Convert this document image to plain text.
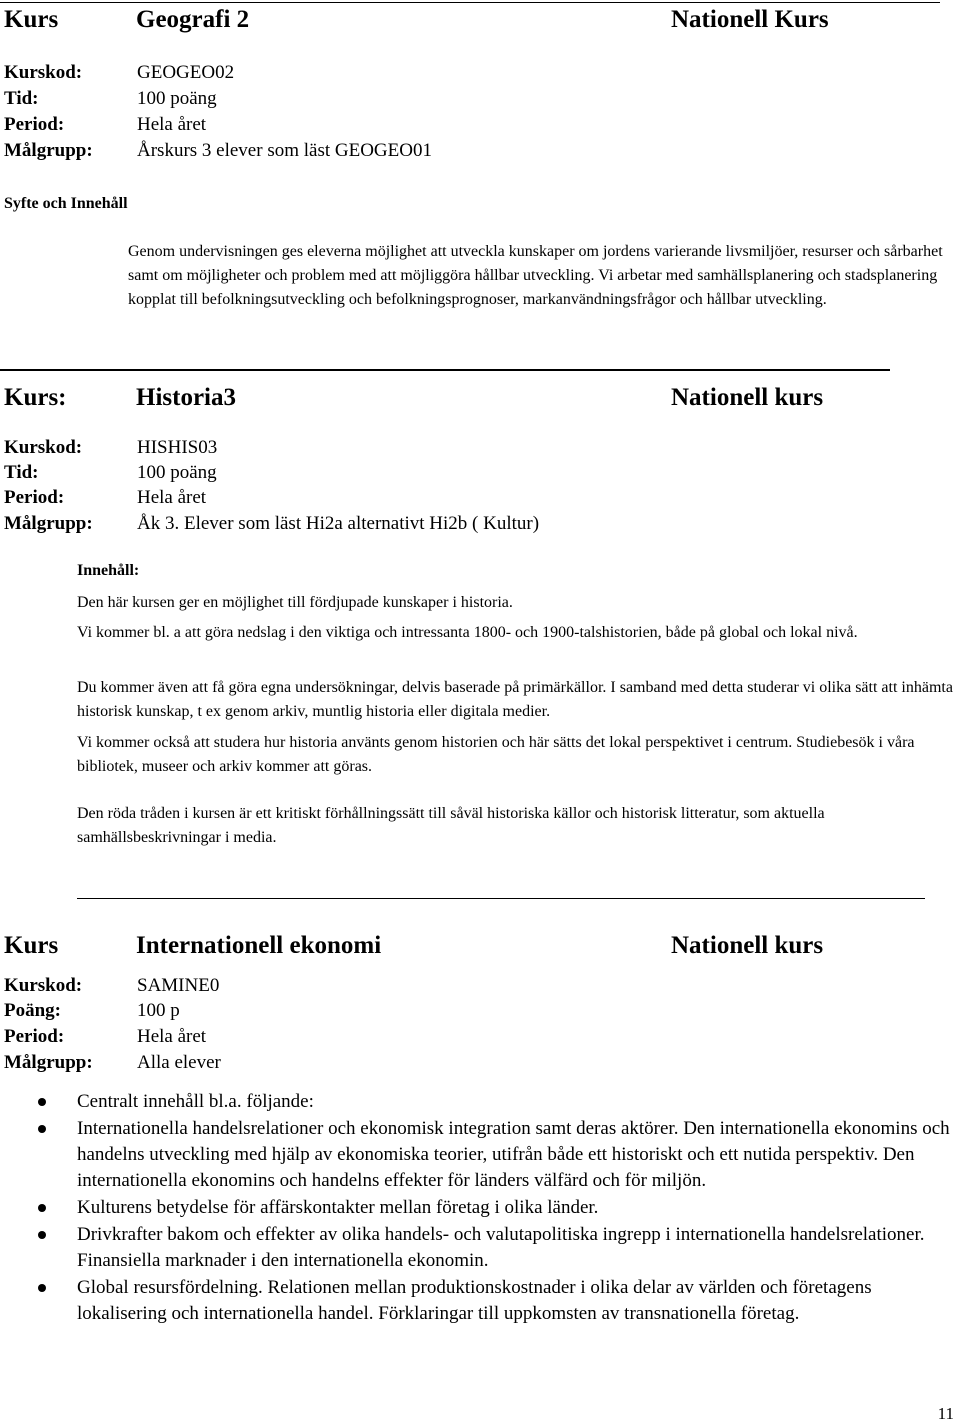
Kurs	Geografi 2	Nationell Kurs
Kurskod:	GEOGEO02
Tid:	100 poäng
Period:	Hela året
Målgrupp: Årskurs 3 elever som läst GEOGEO01
Syfte och Innehåll
Genom undervisningen ges eleverna möjlighet att utveckla kunskaper om jordens varierande livsmiljöer, resurser och sårbarhet samt om möjligheter och problem med att möjliggöra hållbar utveckling. Vi arbetar med samhällsplanering och stadsplanering kopplat till befolkningsutveckling och befolkningsprognoser, markanvändningsfrågor och hållbar utveckling.
Kurs:	Historia3	Nationell kurs
Kurskod:	HISHIS03
Tid:	100 poäng
Period:	Hela året
Målgrupp: Åk 3. Elever som läst Hi2a alternativt Hi2b ( Kultur)
Innehåll:

Den här kursen ger en möjlighet till fördjupade kunskaper i historia.

Vi kommer bl. a att göra nedslag i den viktiga och intressanta 1800- och 1900-talshistorien, både på global och lokal nivå.

Du kommer även att få göra egna undersökningar, delvis baserade på primärkällor. I samband med detta studerar vi olika sätt att inhämta historisk kunskap, t ex genom arkiv, muntlig historia eller digitala medier.

Vi kommer också att studera hur historia använts genom historien och här sätts det lokal perspektivet i centrum. Studiebesök i våra bibliotek, museer och arkiv kommer att göras.

Den röda tråden i kursen är ett kritiskt förhållningssätt till såväl historiska källor och historisk litteratur, som aktuella samhällsbeskrivningar i media.

Kurs	Internationell ekonomi	Nationell kurs
Kurskod:	SAMINE0
Poäng:	100 p
Period:	Hela året
Målgrupp: Alla elever
Centralt innehåll bl.a. följande:
Internationella handelsrelationer och ekonomisk integration samt deras aktörer. Den internationella ekonomins och handelns utveckling med hjälp av ekonomiska teorier, utifrån både ett historiskt och ett nutida perspektiv. Den internationella ekonomins och handelns effekter för länders välfärd och för miljön.
Kulturens betydelse för affärskontakter mellan företag i olika länder.
Drivkrafter bakom och effekter av olika handels- och valutapolitiska ingrepp i internationella handelsrelationer. Finansiella marknader i den internationella ekonomin.
Global resursfördelning. Relationen mellan produktionskostnader i olika delar av världen och företagens lokalisering och internationella handel. Förklaringar till uppkomsten av transnationella företag.
11
